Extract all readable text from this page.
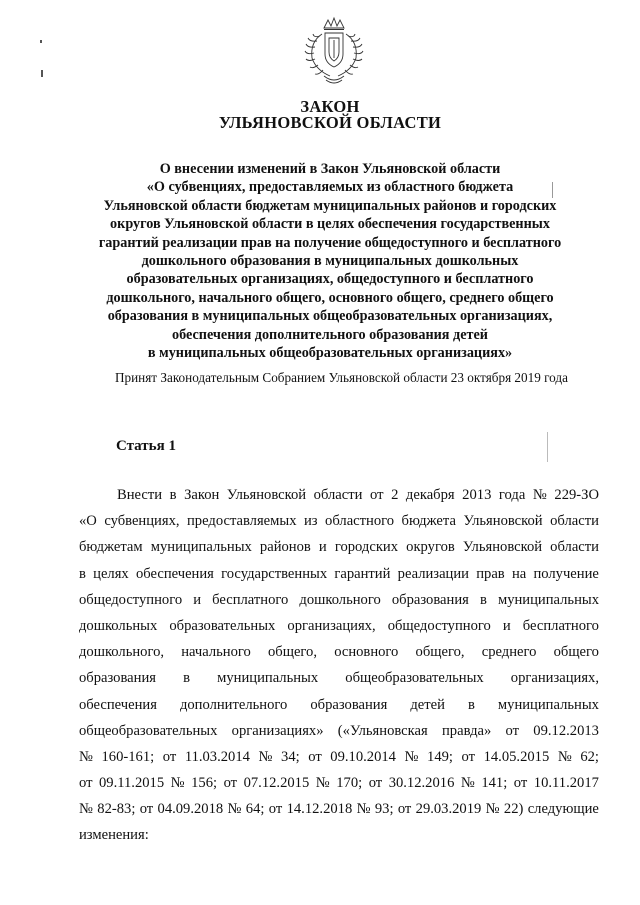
ЗАКОН
УЛЬЯНОВСКОЙ ОБЛАСТИ
О внесении изменений в Закон Ульяновской области
«О субвенциях, предоставляемых из областного бюджета
Ульяновской области бюджетам муниципальных районов и городских
округов Ульяновской области в целях обеспечения государственных
гарантий реализации прав на получение общедоступного и бесплатного
дошкольного образования в муниципальных дошкольных
образовательных организациях, общедоступного и бесплатного
дошкольного, начального общего, основного общего, среднего общего
образования в муниципальных общеобразовательных организациях,
обеспечения дополнительного образования детей
в муниципальных общеобразовательных организациях»
Принят Законодательным Собранием Ульяновской области 23 октября 2019 года
Статья 1
Внести в Закон Ульяновской области от 2 декабря 2013 года № 229-ЗО
«О субвенциях, предоставляемых из областного бюджета Ульяновской области
бюджетам муниципальных районов и городских округов Ульяновской области
в целях обеспечения государственных гарантий реализации прав на получение
общедоступного и бесплатного дошкольного образования в муниципальных
дошкольных образовательных организациях, общедоступного и бесплатного
дошкольного, начального общего, основного общего, среднего общего
образования в муниципальных общеобразовательных организациях,
обеспечения дополнительного образования детей в муниципальных
общеобразовательных организациях» («Ульяновская правда» от 09.12.2013
№ 160-161; от 11.03.2014 № 34; от 09.10.2014 № 149; от 14.05.2015 № 62;
от 09.11.2015 № 156; от 07.12.2015 № 170; от 30.12.2016 № 141; от 10.11.2017
№ 82-83; от 04.09.2018 № 64; от 14.12.2018 № 93; от 29.03.2019 № 22) следующие
изменения:
